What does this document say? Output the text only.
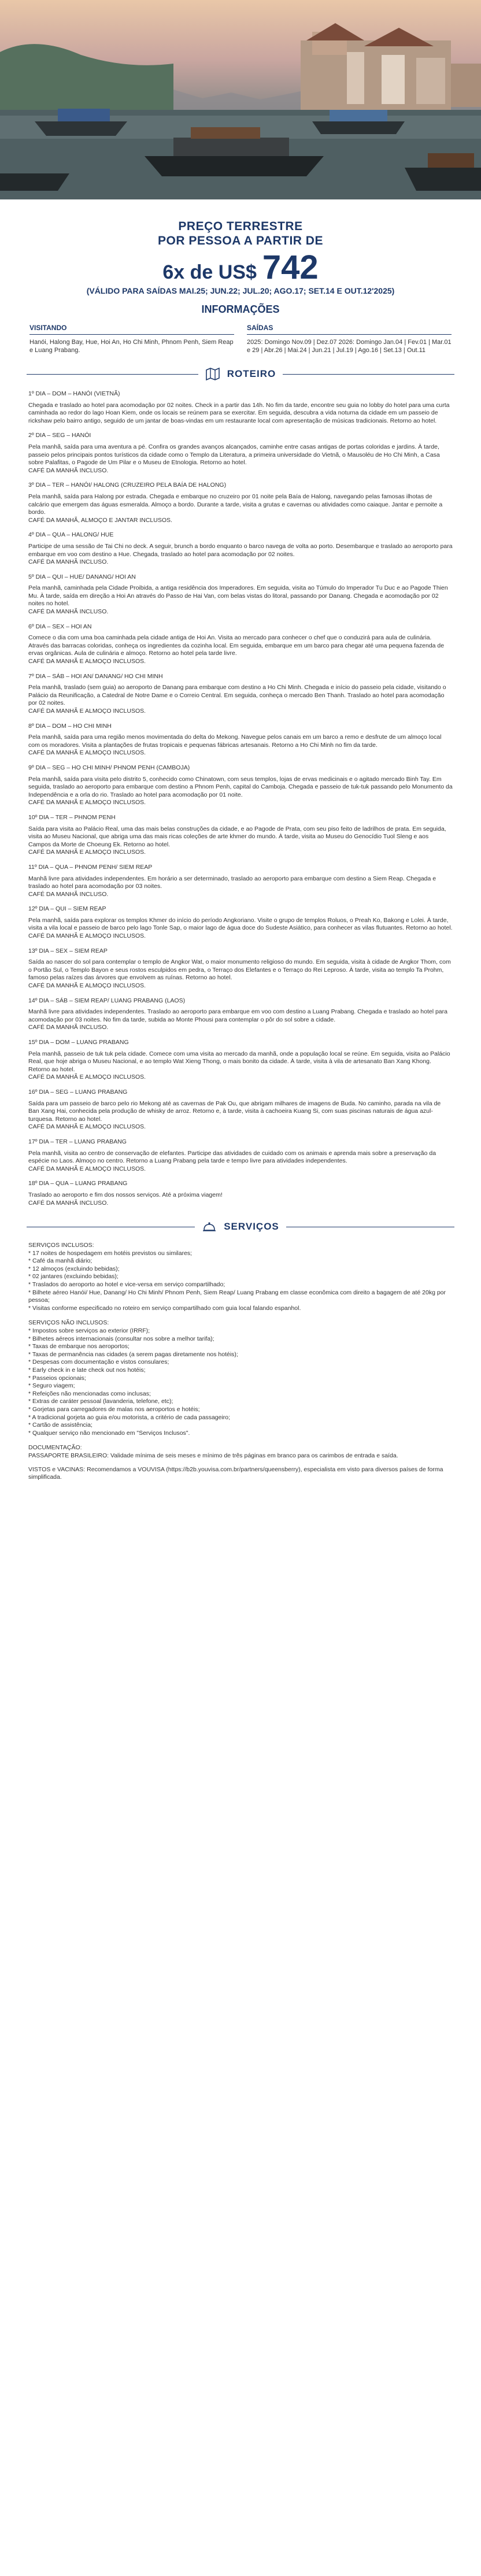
PREÇO TERRESTRE
POR PESSOA A PARTIR DE
6x de US$ 742
(VÁLIDO PARA SAÍDAS MAI.25; JUN.22; JUL.20; AGO.17; SET.14 E OUT.12'2025)
INFORMAÇÕES
VISITANDO
Hanói, Halong Bay, Hue, Hoi An, Ho Chi Minh, Phnom Penh, Siem Reap e Luang Prabang.
SAÍDAS
2025: Domingo Nov.09 | Dez.07 2026: Domingo Jan.04 | Fev.01 | Mar.01 e 29 | Abr.26 | Mai.24 | Jun.21 | Jul.19 | Ago.16 | Set.13 | Out.11
ROTEIRO
1º DIA – DOM – HANÓI (VIETNÃ)

Chegada e traslado ao hotel para acomodação por 02 noites. Check in a partir das 14h. No fim da tarde, encontre seu guia no lobby do hotel para uma curta caminhada ao redor do lago Hoan Kiem, onde os locais se reúnem para se exercitar. Em seguida, descubra a vida noturna da cidade em um passeio de rickshaw pelo bairro antigo, seguido de um jantar de boas-vindas em um restaurante local com apresentação de músicas tradicionais. Retorno ao hotel.

2º DIA – SEG – HANÓI

Pela manhã, saída para uma aventura a pé. Confira os grandes avanços alcançados, caminhe entre casas antigas de portas coloridas e jardins. À tarde, passeio pelos principais pontos turísticos da cidade como o Templo da Literatura, a primeira universidade do Vietnã, o Mausoléu de Ho Chi Minh, a Casa sobre Palafitas, o Pagode de Um Pilar e o Museu de Etnologia. Retorno ao hotel.

CAFÉ DA MANHÃ INCLUSO.

3º DIA – TER – HANÓI/ HALONG (CRUZEIRO PELA BAÍA DE HALONG)

Pela manhã, saída para Halong por estrada. Chegada e embarque no cruzeiro por 01 noite pela Baía de Halong, navegando pelas famosas ilhotas de calcário que emergem das águas esmeralda. Almoço a bordo. Durante a tarde, visita a grutas e cavernas ou atividades como caiaque. Jantar e pernoite a bordo.

CAFÉ DA MANHÃ, ALMOÇO E JANTAR INCLUSOS.

4º DIA – QUA – HALONG/ HUE

Participe de uma sessão de Tai Chi no deck. A seguir, brunch a bordo enquanto o barco navega de volta ao porto. Desembarque e traslado ao aeroporto para embarque em voo com destino a Hue. Chegada, traslado ao hotel para acomodação por 02 noites.

CAFÉ DA MANHÃ INCLUSO.

5º DIA – QUI – HUE/ DANANG/ HOI AN

Pela manhã, caminhada pela Cidade Proibida, a antiga residência dos Imperadores. Em seguida, visita ao Túmulo do Imperador Tu Duc e ao Pagode Thien Mu. À tarde, saída em direção a Hoi An através do Passo de Hai Van, com belas vistas do litoral, passando por Danang. Chegada e acomodação por 02 noites no hotel.

CAFÉ DA MANHÃ INCLUSO.

6º DIA – SEX – HOI AN

Comece o dia com uma boa caminhada pela cidade antiga de Hoi An. Visita ao mercado para conhecer o chef que o conduzirá para aula de culinária. Através das barracas coloridas, conheça os ingredientes da cozinha local. Em seguida, embarque em um barco para chegar até uma pequena fazenda de ervas orgânicas. Aula de culinária e almoço. Retorno ao hotel pela tarde livre.

CAFÉ DA MANHÃ E ALMOÇO INCLUSOS.

7º DIA – SÁB – HOI AN/ DANANG/ HO CHI MINH

Pela manhã, traslado (sem guia) ao aeroporto de Danang para embarque com destino a Ho Chi Minh. Chegada e início do passeio pela cidade, visitando o Palácio da Reunificação, a Catedral de Notre Dame e o Correio Central. Em seguida, conheça o mercado Ben Thanh. Traslado ao hotel para acomodação por 02 noites.

CAFÉ DA MANHÃ E ALMOÇO INCLUSOS.

8º DIA – DOM – HO CHI MINH

Pela manhã, saída para uma região menos movimentada do delta do Mekong. Navegue pelos canais em um barco a remo e desfrute de um almoço local com os moradores. Visita a plantações de frutas tropicais e pequenas fábricas artesanais. Retorno a Ho Chi Minh no fim da tarde.

CAFÉ DA MANHÃ E ALMOÇO INCLUSOS.

9º DIA – SEG – HO CHI MINH/ PHNOM PENH (CAMBOJA)

Pela manhã, saída para visita pelo distrito 5, conhecido como Chinatown, com seus templos, lojas de ervas medicinais e o agitado mercado Binh Tay. Em seguida, traslado ao aeroporto para embarque com destino a Phnom Penh, capital do Camboja. Chegada e passeio de tuk-tuk passando pelo Monumento da Independência e a orla do rio. Traslado ao hotel para acomodação por 01 noite.

CAFÉ DA MANHÃ E ALMOÇO INCLUSOS.

10º DIA – TER – PHNOM PENH

Saída para visita ao Palácio Real, uma das mais belas construções da cidade, e ao Pagode de Prata, com seu piso feito de ladrilhos de prata. Em seguida, visita ao Museu Nacional, que abriga uma das mais ricas coleções de arte khmer do mundo. À tarde, visita ao Museu do Genocídio Tuol Sleng e aos Campos da Morte de Choeung Ek. Retorno ao hotel.

CAFÉ DA MANHÃ E ALMOÇO INCLUSOS.

11º DIA – QUA – PHNOM PENH/ SIEM REAP

Manhã livre para atividades independentes. Em horário a ser determinado, traslado ao aeroporto para embarque com destino a Siem Reap. Chegada e traslado ao hotel para acomodação por 03 noites.

CAFÉ DA MANHÃ INCLUSO.

12º DIA – QUI – SIEM REAP

Pela manhã, saída para explorar os templos Khmer do início do período Angkoriano. Visite o grupo de templos Roluos, o Preah Ko, Bakong e Lolei. À tarde, visita a vila local e passeio de barco pelo lago Tonle Sap, o maior lago de água doce do Sudeste Asiático, para conhecer as vilas flutuantes. Retorno ao hotel.

CAFÉ DA MANHÃ E ALMOÇO INCLUSOS.

13º DIA – SEX – SIEM REAP

Saída ao nascer do sol para contemplar o templo de Angkor Wat, o maior monumento religioso do mundo. Em seguida, visita à cidade de Angkor Thom, com o Portão Sul, o Templo Bayon e seus rostos esculpidos em pedra, o Terraço dos Elefantes e o Terraço do Rei Leproso. À tarde, visita ao templo Ta Prohm, famoso pelas raízes das árvores que envolvem as ruínas. Retorno ao hotel.

CAFÉ DA MANHÃ E ALMOÇO INCLUSOS.

14º DIA – SÁB – SIEM REAP/ LUANG PRABANG (LAOS)

Manhã livre para atividades independentes. Traslado ao aeroporto para embarque em voo com destino a Luang Prabang. Chegada e traslado ao hotel para acomodação por 03 noites. No fim da tarde, subida ao Monte Phousi para contemplar o pôr do sol sobre a cidade.

CAFÉ DA MANHÃ INCLUSO.

15º DIA – DOM – LUANG PRABANG

Pela manhã, passeio de tuk tuk pela cidade. Comece com uma visita ao mercado da manhã, onde a população local se reúne. Em seguida, visita ao Palácio Real, que hoje abriga o Museu Nacional, e ao templo Wat Xieng Thong, o mais bonito da cidade. À tarde, visita à vila de artesanato Ban Xang Khong. Retorno ao hotel.

CAFÉ DA MANHÃ E ALMOÇO INCLUSOS.

16º DIA – SEG – LUANG PRABANG

Saída para um passeio de barco pelo rio Mekong até as cavernas de Pak Ou, que abrigam milhares de imagens de Buda. No caminho, parada na vila de Ban Xang Hai, conhecida pela produção de whisky de arroz. Retorno e, à tarde, visita à cachoeira Kuang Si, com suas piscinas naturais de água azul-turquesa. Retorno ao hotel.

CAFÉ DA MANHÃ E ALMOÇO INCLUSOS.

17º DIA – TER – LUANG PRABANG

Pela manhã, visita ao centro de conservação de elefantes. Participe das atividades de cuidado com os animais e aprenda mais sobre a preservação da espécie no Laos. Almoço no centro. Retorno a Luang Prabang pela tarde e tempo livre para atividades independentes.

CAFÉ DA MANHÃ E ALMOÇO INCLUSOS.

18º DIA – QUA – LUANG PRABANG

Traslado ao aeroporto e fim dos nossos serviços. Até a próxima viagem!

CAFÉ DA MANHÃ INCLUSO.

SERVIÇOS
SERVIÇOS INCLUSOS:

* 17 noites de hospedagem em hotéis previstos ou similares;

* Café da manhã diário;

* 12 almoços (excluindo bebidas);

* 02 jantares (excluindo bebidas);

* Traslados do aeroporto ao hotel e vice-versa em serviço compartilhado;

* Bilhete aéreo Hanói/ Hue, Danang/ Ho Chi Minh/ Phnom Penh, Siem Reap/ Luang Prabang em classe econômica com direito a bagagem de até 20kg por pessoa;

* Visitas conforme especificado no roteiro em serviço compartilhado com guia local falando espanhol.

SERVIÇOS NÃO INCLUSOS:

* Impostos sobre serviços ao exterior (IRRF);

* Bilhetes aéreos internacionais (consultar nos sobre a melhor tarifa);

* Taxas de embarque nos aeroportos;

* Taxas de permanência nas cidades (a serem pagas diretamente nos hotéis);

* Despesas com documentação e vistos consulares;

* Early check in e late check out nos hotéis;

* Passeios opcionais;

* Seguro viagem;

* Refeições não mencionadas como inclusas;

* Extras de caráter pessoal (lavanderia, telefone, etc);

* Gorjetas para carregadores de malas nos aeroportos e hotéis;

* A tradicional gorjeta ao guia e/ou motorista, a critério de cada passageiro;

* Cartão de assistência;

* Qualquer serviço não mencionado em "Serviços Inclusos".

DOCUMENTAÇÃO:

PASSAPORTE BRASILEIRO: Validade mínima de seis meses e mínimo de três páginas em branco para os carimbos de entrada e saída.

VISTOS e VACINAS: Recomendamos a VOUVISA (https://b2b.youvisa.com.br/partners/queensberry), especialista em visto para diversos países de forma simplificada.
